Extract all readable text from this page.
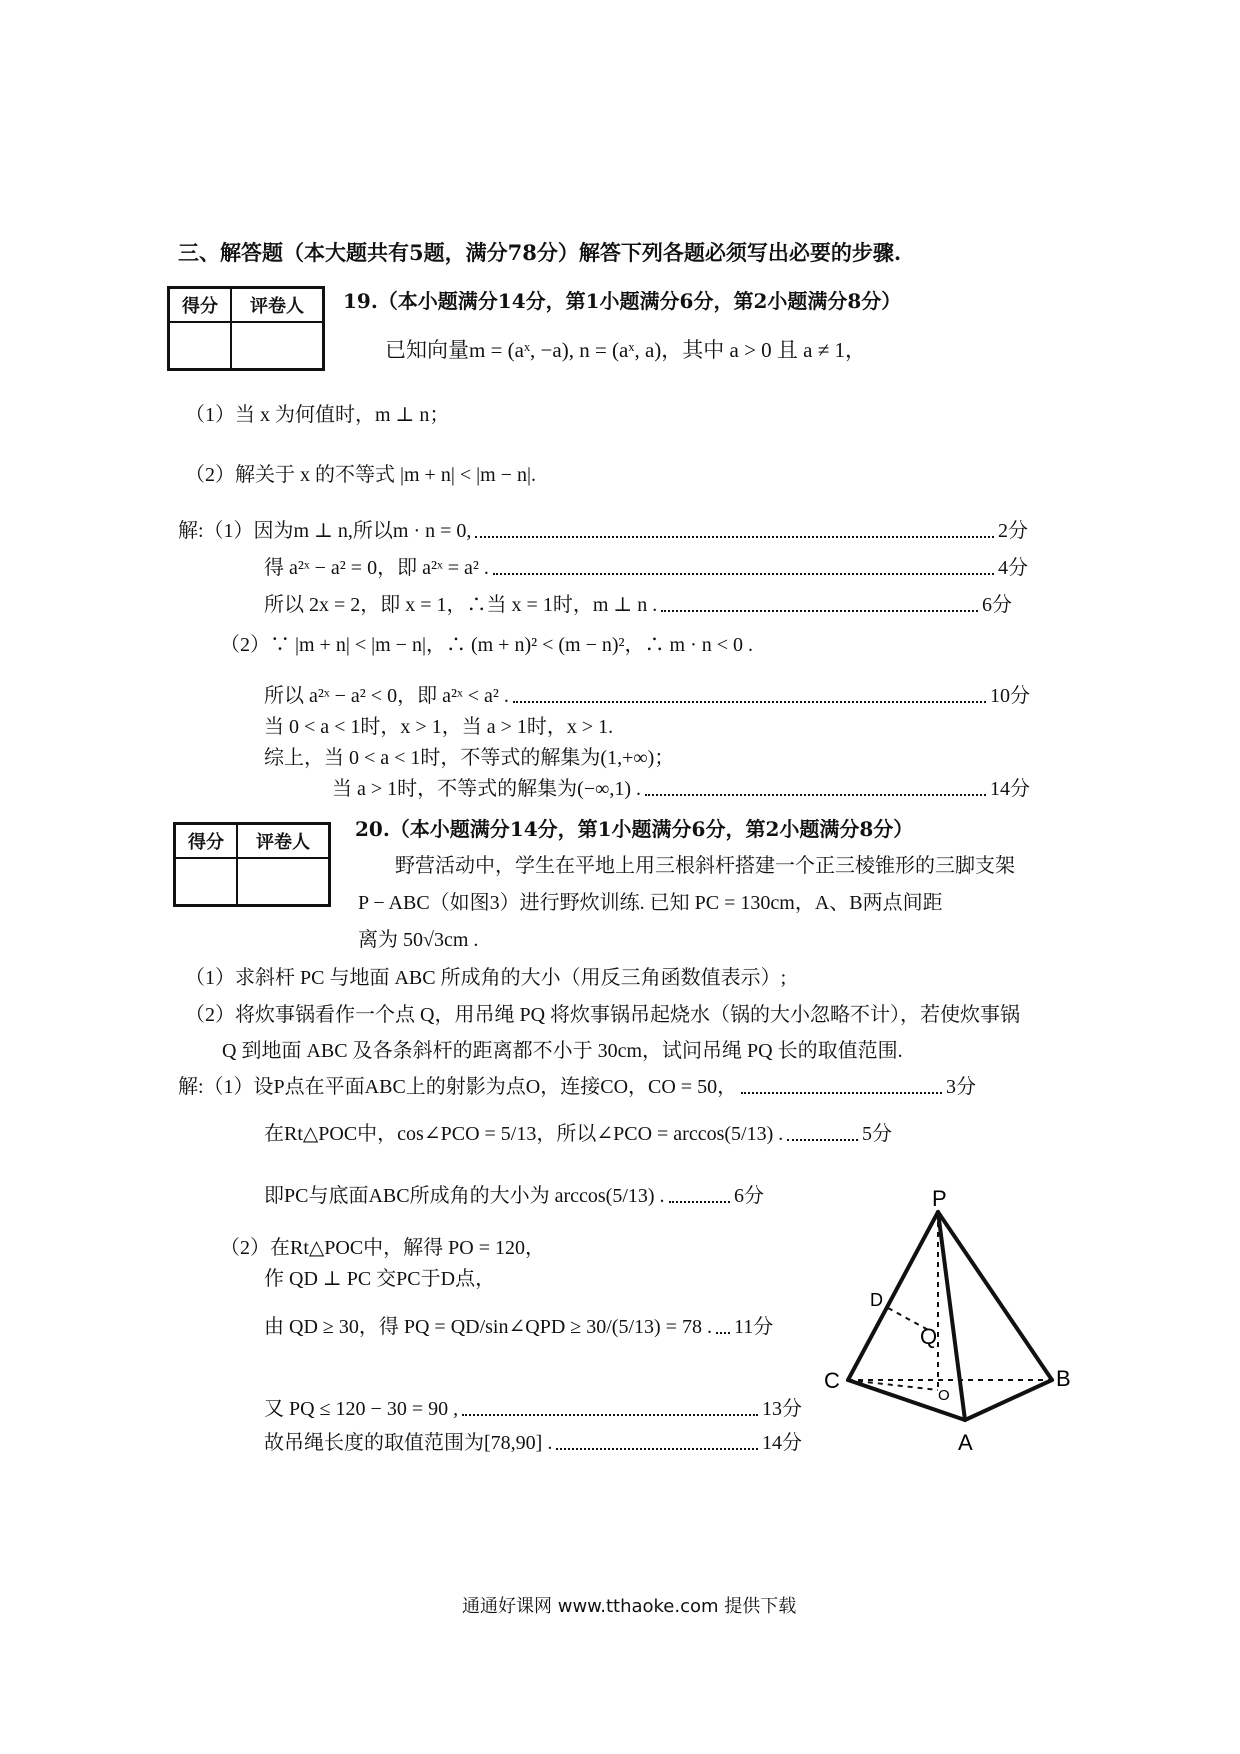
三、解答题（本大题共有5题，满分78分）解答下列各题必须写出必要的步骤.
得分	评卷人
	19.（本小题满分14分，第1小题满分6分，第2小题满分8分）
已知向量m = (aˣ, −a), n = (aˣ, a)，其中 a > 0 且 a ≠ 1，
（1）当 x 为何值时，m ⊥ n；
（2）解关于 x 的不等式 |m + n| < |m − n|.
解:（1）因为m ⊥ n,所以m · n = 0,	2分
得 a²ˣ − a² = 0，即 a²ˣ = a² .	4分
所以 2x = 2，即 x = 1，∴当 x = 1时，m ⊥ n .	6分
（2）∵ |m + n| < |m − n|，∴ (m + n)² < (m − n)²，∴ m · n < 0 .
所以 a²ˣ − a² < 0，即 a²ˣ < a² .	10分
当 0 < a < 1时，x > 1，当 a > 1时，x > 1.
综上，当 0 < a < 1时，不等式的解集为(1,+∞)；
当 a > 1时，不等式的解集为(−∞,1) .	14分
得分	评卷人

20.（本小题满分14分，第1小题满分6分，第2小题满分8分）
野营活动中，学生在平地上用三根斜杆搭建一个正三棱锥形的三脚支架
P − ABC（如图3）进行野炊训练. 已知 PC = 130cm，A、B两点间距
离为 50√3cm .
（1）求斜杆 PC 与地面 ABC 所成角的大小（用反三角函数值表示）;
（2）将炊事锅看作一个点 Q，用吊绳 PQ 将炊事锅吊起烧水（锅的大小忽略不计），若使炊事锅
Q 到地面 ABC 及各条斜杆的距离都不小于 30cm，试问吊绳 PQ 长的取值范围.
解:（1）设P点在平面ABC上的射影为点O，连接CO，CO = 50，	3分
在Rt△POC中，cos∠PCO = 5/13，所以∠PCO = arccos(5/13) .	5分
即PC与底面ABC所成角的大小为 arccos(5/13) .	6分
（2）在Rt△POC中，解得 PO = 120，
作 QD ⊥ PC 交PC于D点，
由 QD ≥ 30，得 PQ = QD/sin∠QPD ≥ 30/(5/13) = 78 . 11分
又 PQ ≤ 120 − 30 = 90 ,	13分
故吊绳长度的取值范围为[78,90] .	14分
P
D
Q
C
O
B
A
通通好课网 www.tthaoke.com 提供下载
